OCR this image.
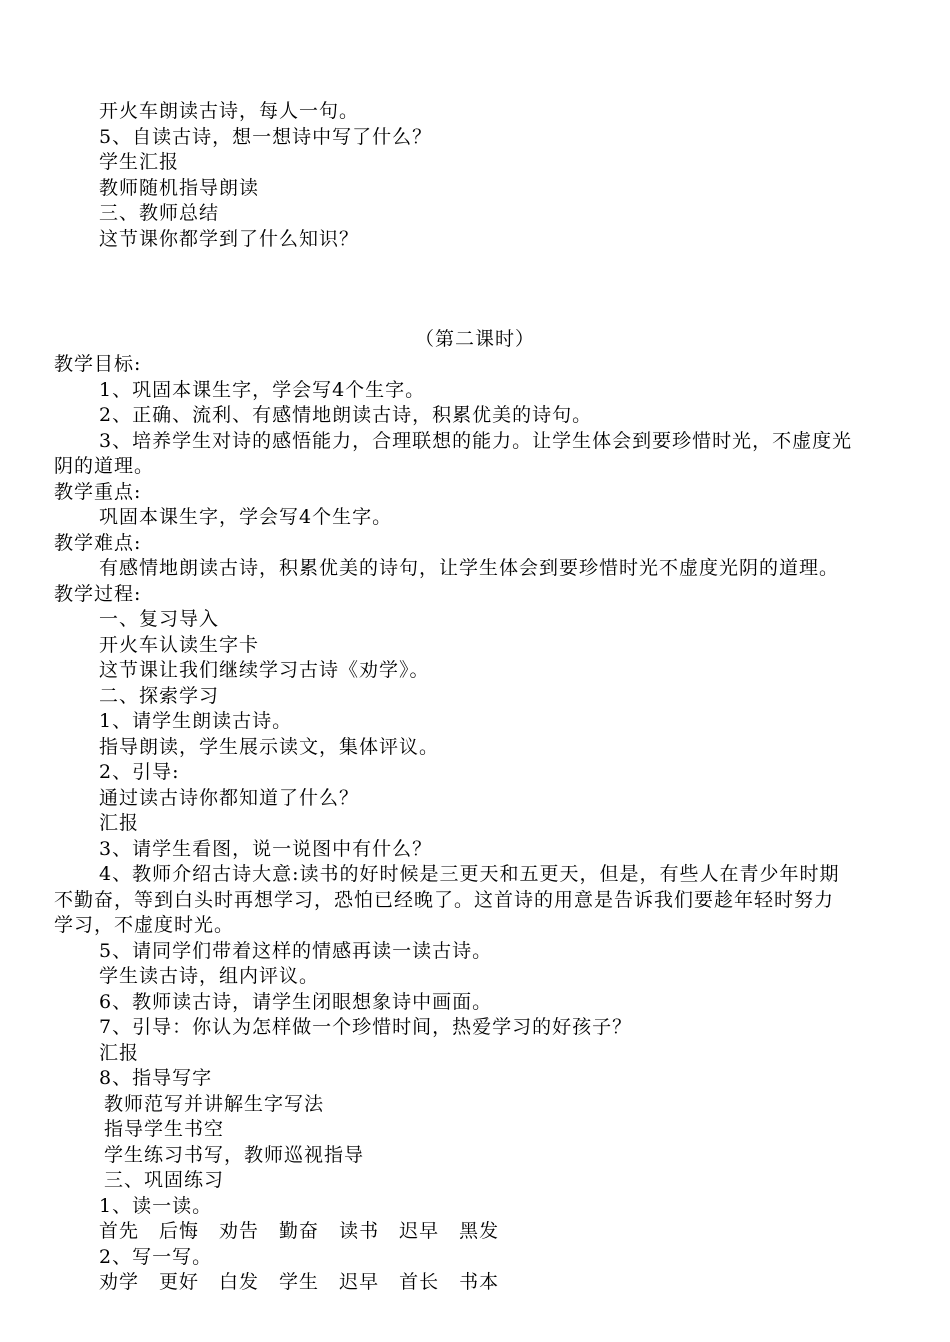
开火车朗读古诗，每人一句。
5、自读古诗，想一想诗中写了什么？
学生汇报
教师随机指导朗读
三、教师总结
这节课你都学到了什么知识？
（第二课时）
教学目标:
1、巩固本课生字，学会写4个生字。
2、正确、流利、有感情地朗读古诗，积累优美的诗句。
3、培养学生对诗的感悟能力，合理联想的能力。让学生体会到要珍惜时光，不虚度光
阴的道理。
教学重点:
巩固本课生字，学会写4个生字。
教学难点:
有感情地朗读古诗，积累优美的诗句，让学生体会到要珍惜时光不虚度光阴的道理。
教学过程:
一、复习导入
开火车认读生字卡
这节课让我们继续学习古诗《劝学》。
二、探索学习
1、请学生朗读古诗。
指导朗读，学生展示读文，集体评议。
2、引导:
通过读古诗你都知道了什么？
汇报
3、请学生看图，说一说图中有什么？
4、教师介绍古诗大意:读书的好时候是三更天和五更天，但是，有些人在青少年时期
不勤奋，等到白头时再想学习，恐怕已经晚了。这首诗的用意是告诉我们要趁年轻时努力
学习，不虚度时光。
5、请同学们带着这样的情感再读一读古诗。
学生读古诗，组内评议。
6、教师读古诗，请学生闭眼想象诗中画面。
7、引导：你认为怎样做一个珍惜时间，热爱学习的好孩子？
汇报
8、指导写字
教师范写并讲解生字写法
指导学生书空
学生练习书写，教师巡视指导
三、巩固练习
1、读一读。
首先 后悔 劝告 勤奋 读书 迟早 黑发
2、写一写。
劝学 更好 白发 学生 迟早 首长 书本
